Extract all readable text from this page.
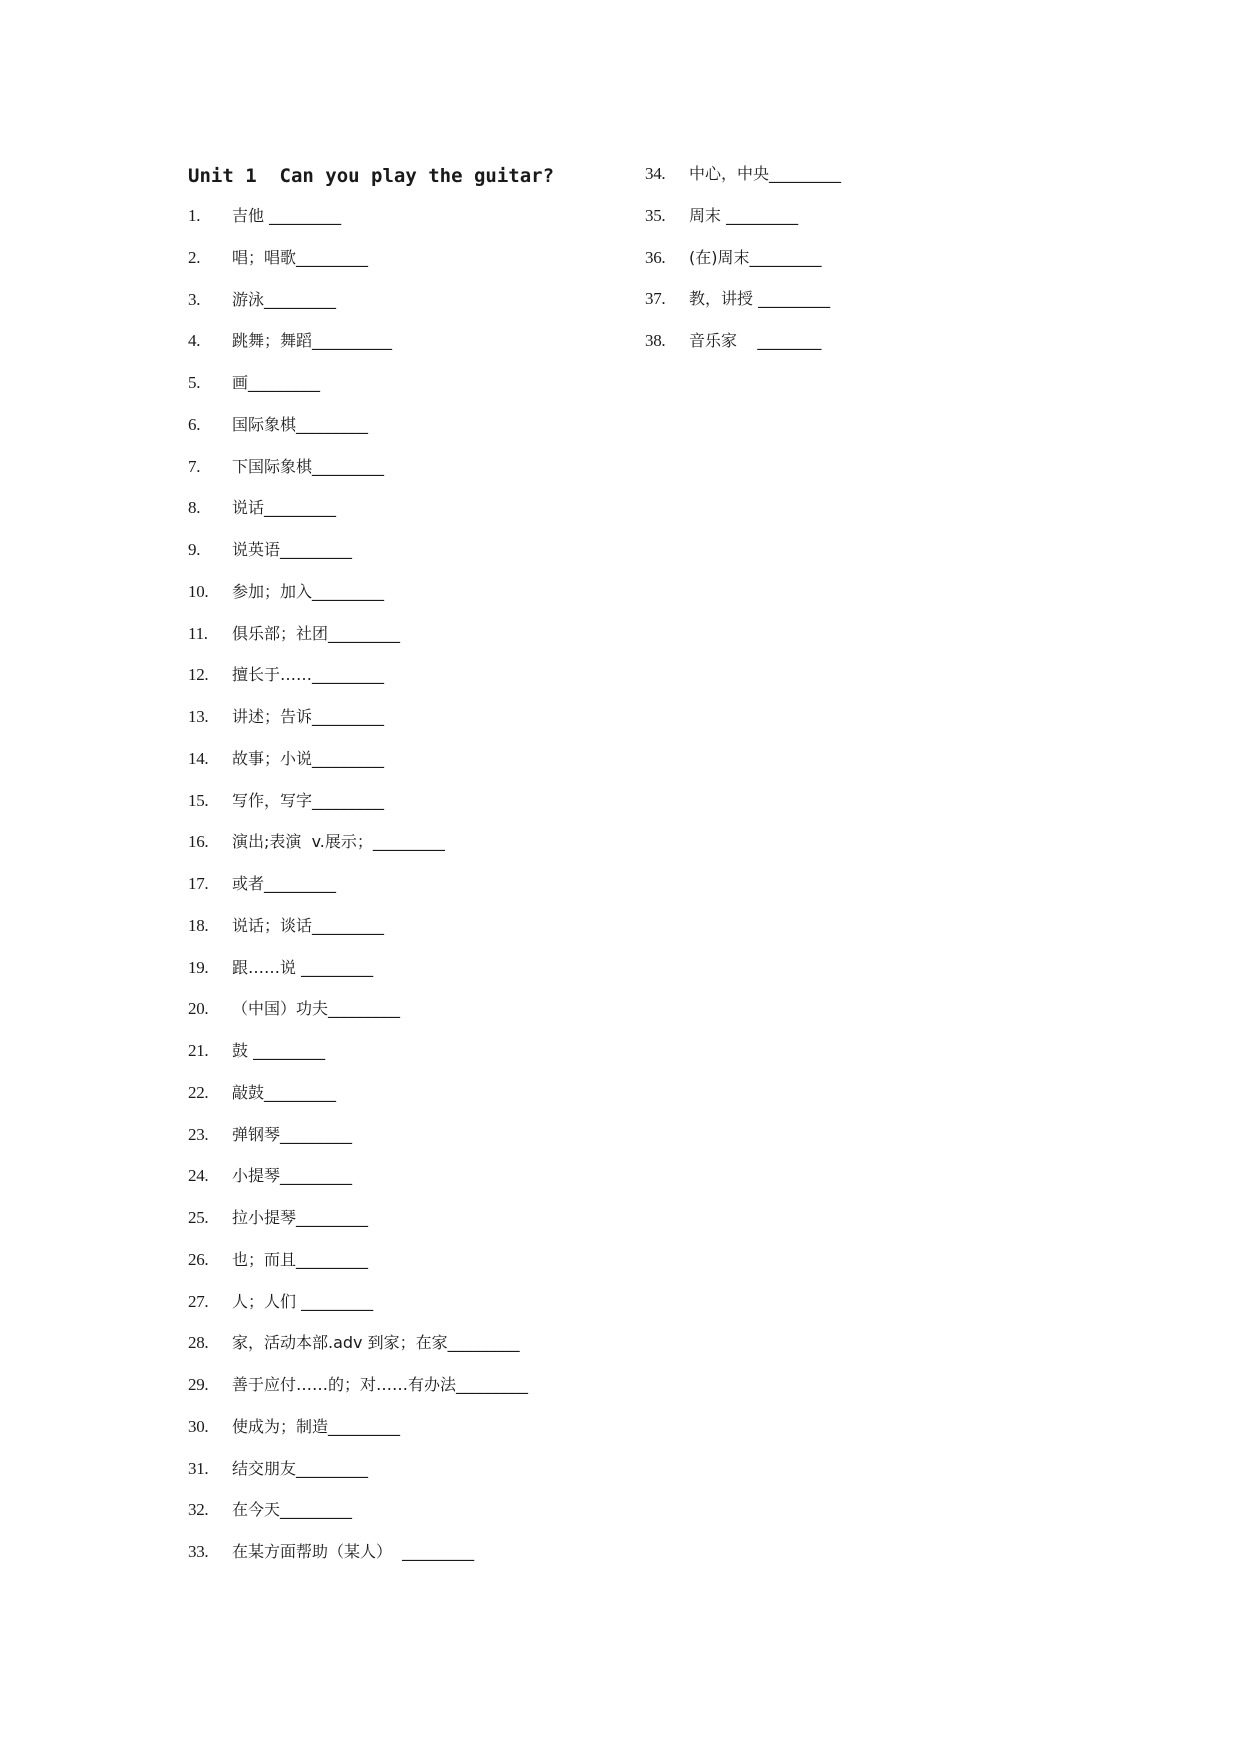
Unit 1  Can you play the guitar?
1.	吉他 _________
2.	唱；唱歌_________
3.	游泳_________
4.	跳舞；舞蹈__________
5.	画_________
6.	国际象棋_________
7.	下国际象棋_________
8.	说话_________
9.	说英语_________
10.	参加；加入_________
11.	俱乐部；社团_________
12.	擅长于……_________
13.	讲述；告诉_________
14.	故事；小说_________
15.	写作，写字_________
16.	演出;表演  v.展示；_________
17.	或者_________
18.	说话；谈话_________
19.	跟……说 _________
20.	（中国）功夫_________
21.	鼓 _________
22.	敲鼓_________
23.	弹钢琴_________
24.	小提琴_________
25.	拉小提琴_________
26.	也；而且_________
27.	人；人们 _________
28.	家，活动本部.adv 到家；在家_________
29.	善于应付……的；对……有办法_________
30.	使成为；制造_________
31.	结交朋友_________
32.	在今天_________
33.	在某方面帮助（某人）  _________
34.	中心，中央_________
35.	周末 _________
36.	(在)周末_________
37.	教，讲授 _________
38.	音乐家    ________
